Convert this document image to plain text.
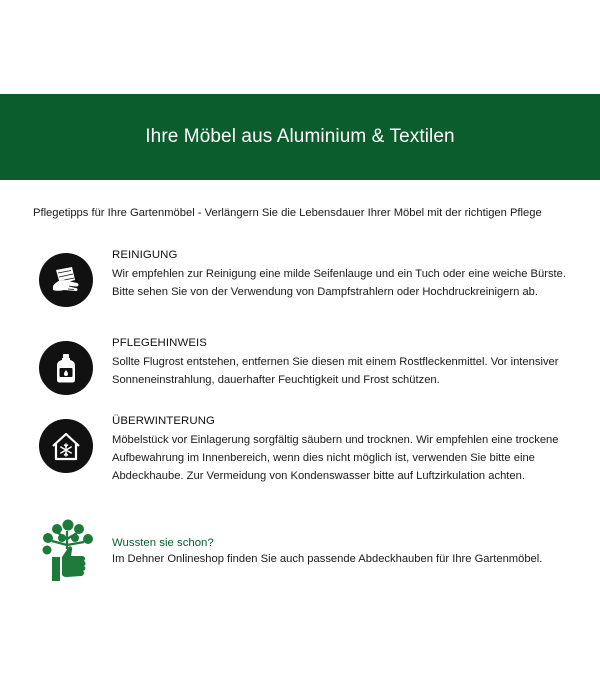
Ihre Möbel aus Aluminium & Textilen
Pflegetipps für Ihre Gartenmöbel - Verlängern Sie die Lebensdauer Ihrer Möbel mit der richtigen Pflege
REINIGUNG

Wir empfehlen zur Reinigung eine milde Seifenlauge und ein Tuch oder eine weiche Bürste.

Bitte sehen Sie von der Verwendung von Dampfstrahlern oder Hochdruckreinigern ab.

PFLEGEHINWEIS

Sollte Flugrost entstehen, entfernen Sie diesen mit einem Rostfleckenmittel. Vor intensiver

Sonneneinstrahlung, dauerhafter Feuchtigkeit und Frost schützen.

ÜBERWINTERUNG

Möbelstück vor Einlagerung sorgfältig säubern und trocknen. Wir empfehlen eine trockene

Aufbewahrung im Innenbereich, wenn dies nicht möglich ist, verwenden Sie bitte eine

Abdeckhaube. Zur Vermeidung von Kondenswasser bitte auf Luftzirkulation achten.

Wussten sie schon?

Im Dehner Onlineshop finden Sie auch passende Abdeckhauben für Ihre Gartenmöbel.
